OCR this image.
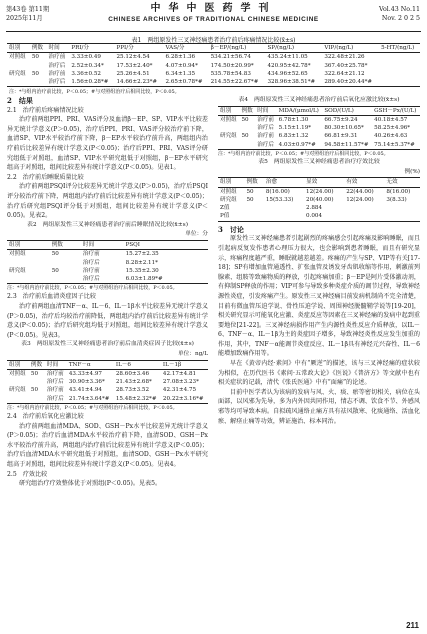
第43卷 第11期
2025年11月
中华中医药学刊
CHINESE ARCHIVES OF TRADITIONAL CHINESE MEDICINE
Vol.43 No.11
Nov. 2 0 2 5
表1　两组原发性三叉神经痛患者治疗前后疼痛情况比较(x̄±s)
组别	例数	时间	PRI/分	PPI/分	VAS/分	β－EP/(ng/L)	SP/(ng/L)	VIP/(ng/L)	5-HT/(ng/L)
对照组	50	治疗前	3.33±0.49	25.12±4.54	6.28±1.36	534.21±56.74	435.24±11.05	322.48±21.26	
		治疗后	2.52±0.34*	17.53±2.40*	4.07±0.94*	174.50±20.99*	420.95±42.78*	367.40±25.78*	
研究组	50	治疗前	3.36±0.52	25.26±4.51	6.34±1.35	535.78±54.83	434.96±52.65	322.64±21.12	
		治疗后	1.56±0.28*#	14.66±2.23*#	2.65±0.78*#	214.55±22.67*#	328.96±38.51*#	289.40±20.44*#	
注：*与组内治疗前比较，P＜0.05；#与对照组治疗后相同比较，P＜0.05。

2　结果

2.1　治疗前后疼痛情况比较

治疗前两组PPI、PRI、VAS评分及血清β－EP、SP、VIP水平比较差异无统计学意义(P＞0.05)，治疗后PPI、PRI、VAS评分较治疗前下降，血清SP、VIP水平较治疗前下降，β－EP水平较治疗前升高，两组组内治疗前后比较差异有统计学意义(P＜0.05)；治疗后PPI、PRI、VAS评分研究组低于对照组，血清SP、VIP水平研究组低于对照组，β－EP水平研究组高于对照组，组间比较差异有统计学意义(P＜0.05)。见表1。

2.2　治疗前后睡眠质量比较

治疗前两组PSQI评分比较差异无统计学意义(P＞0.05)，治疗后PSQI评分较治疗前下降，两组组内治疗前后比较差异有统计学意义(P＜0.05)；治疗后研究组PSQI评分低于对照组，组间比较差异有统计学意义(P＜0.05)。见表2。

表2　两组原发性三叉神经痛患者治疗前后睡眠情况比较(x̄±s)
单位：分
组别	例数	时间	PSQI
对照组	50	治疗前	15.27±2.35
		治疗后	8.28±2.11*
研究组	50	治疗前	15.35±2.30
		治疗后	6.03±1.89*#
注：*与组内治疗前比较，P＜0.05；#与对照组治疗后相同比较，P＜0.05。

2.3　治疗前后血清炎症因子比较

治疗前两组血清TNF－α、IL－6、IL－1β水平比较差异无统计学意义(P＞0.05)，治疗后均较治疗前降低，两组组内治疗前后比较差异有统计学意义(P＜0.05)；治疗后研究组均低于对照组，组间比较差异有统计学意义(P＜0.05)。见表3。

表3　两组原发性三叉神经痛患者治疗前后血清炎症因子比较(x̄±s)
单位：ng/L
组别	例数	时间	TNF－α	IL－6	IL－1β
对照组	50	治疗前	43.33±4.97	28.60±3.46	42.17±4.81
		治疗后	30.90±3.36*	21.43±2.68*	27.08±3.23*
研究组	50	治疗前	43.41±4.94	28.73±3.52	42.31±4.75
		治疗后	21.74±3.64*#	15.48±2.32*#	20.22±3.16*#
注：*与组内治疗前比较，P＜0.05；#与对照组治疗后相同比较，P＜0.05。

2.4　治疗前后氧化应激比较

治疗前两组血清MDA、SOD、GSH－Px水平比较差异无统计学意义(P＞0.05)；治疗后血清MDA水平较治疗前下降，血清SOD、GSH－Px水平较治疗前升高，两组组内治疗前后比较差异有统计学意义(P＜0.05)；治疗后血清MDA水平研究组低于对照组，血清SOD、GSH－Px水平研究组高于对照组，组间比较差异有统计学意义(P＜0.05)。见表4。

2.5　疗效比较

研究组治疗疗效整体优于对照组(P＜0.05)。见表5。

表4　两组原发性三叉神经痛患者治疗前后氧化应激比较(x̄±s)
组别	例数	时间	MDA/(μmol/L)	SOD/(U/L)	GSH－Px/(U/L)
对照组	50	治疗前	6.78±1.30	66.75±9.24	40.18±4.57
		治疗后	5.15±1.19*	80.30±10.65*	58.25±4.96*
研究组	50	治疗前	6.83±1.32	66.81±9.31	40.26±4.63
		治疗后	4.03±0.97*#	94.58±11.57*#	75.14±5.37*#
注：*与组内治疗前比较，P＜0.05；#与对照组治疗后相同比较，P＜0.05。
表5　两组原发性三叉神经痛患者治疗疗效比较
例(%)
组别	例数	治愈	显效	有效	无效
对照组	50	8(16.00)	12(24.00)	22(44.00)	8(16.00)
研究组	50	15(53.33)	20(40.00)	12(24.00)	3(8.33)
Z值			2.884		
P值			0.004		

3　讨论

原发性三叉神经痛患者引起剧烈的疼痛感会引起疼痛及影响睡眠，而且引起病反复发作患者心理压力很大，也会影响到患者睡眠，而且有研究显示，疼痛程度越严重，睡眠就越差越差。疼痛的产生与SP、VIP等有关[17-18]；SP有增加血管通透性、扩张血管及诱发牙齿肌收缩等作用，刺激前列腺素、组胺等致痛物质的释放，引起疼痛加重；β－EP是阿片受体激动剂，有抑制SP释放的作用；VIP可参与导致多种炎症介质的调节过程，导致神经源性炎症，引发疼痛产生。原发性三叉神经痛目前发病机制尚不完全清楚，目前有微血管压迫学说、骨性压迫学说、周围神经脱髓鞘学说等[19-20]，相关研究显示可能氧化应激、炎症反应等因素在三叉神经痛的发病中起到重要地位[21-22]。三叉神经病损作用产生内源性炎性反应介质释放，以IL－6、TNF－α、IL－1β为主的炎症因子增多，导致神经炎性反应发生加重的作用，其中，TNF－α能调节炎症反应、IL－1β具有神经元兴奋性、IL－6能增加致痛作用等。

早在《黄帝内经·素问》中有“厥逆”的描述，该与三叉神经痛的症状较为相似，在历代医书《素问·五常政大论》《医说》《普济方》等文献中也有相关症状的记载，清代《张氏医通》中有“面痛”的论述。

目前中医学者认为该病的发病与风、火、痰、瘀等密切相关，病位在头面部，以风邪为先导，多为内外因共同作用，情志不调、饮食不节、外感风邪等均可导致本病。自拟疏风通络止痛方具有祛风散寒、化痰通络、活血化瘀、解痉止痛等功效，辨证施治、标本同治。

211
